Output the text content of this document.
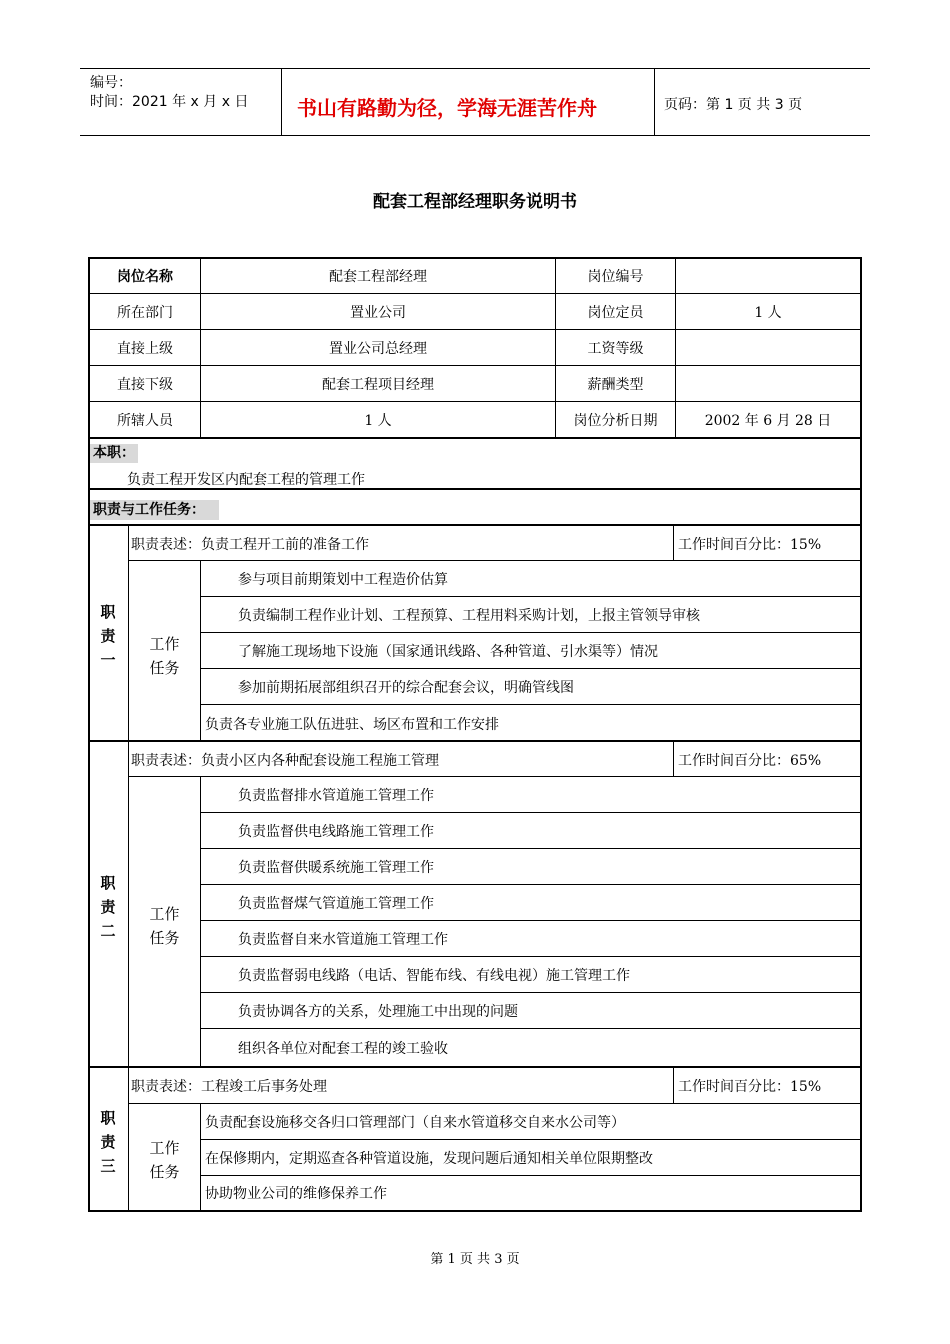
编号：
时间：2021 年 x 月 x 日 书山有路勤为径，学海无涯苦作舟	页码：第 1 页 共 3 页
配套工程部经理职务说明书
岗位名称	配套工程部经理	岗位编号
所在部门	置业公司	岗位定员	1 人
直接上级	置业公司总经理	工资等级
直接下级	配套工程项目经理	薪酬类型
所辖人员	1 人	岗位分析日期	2002 年 6 月 28 日
本职：
负责工程开发区内配套工程的管理工作
职责与工作任务：
职
责
一
职责表述：负责工程开工前的准备工作	工作时间百分比：15%
工作
任务
参与项目前期策划中工程造价估算
负责编制工程作业计划、工程预算、工程用料采购计划，上报主管领导审核
了解施工现场地下设施（国家通讯线路、各种管道、引水渠等）情况
参加前期拓展部组织召开的综合配套会议，明确管线图
负责各专业施工队伍进驻、场区布置和工作安排
职
责
二
职责表述：负责小区内各种配套设施工程施工管理	工作时间百分比：65%
工作
任务
负责监督排水管道施工管理工作
负责监督供电线路施工管理工作
负责监督供暖系统施工管理工作
负责监督煤气管道施工管理工作
负责监督自来水管道施工管理工作
负责监督弱电线路（电话、智能布线、有线电视）施工管理工作
负责协调各方的关系，处理施工中出现的问题
组织各单位对配套工程的竣工验收
职
责
三
职责表述：工程竣工后事务处理	工作时间百分比：15%
工作
任务
负责配套设施移交各归口管理部门（自来水管道移交自来水公司等）
在保修期内，定期巡查各种管道设施，发现问题后通知相关单位限期整改
协助物业公司的维修保养工作
第 1 页 共 3 页
